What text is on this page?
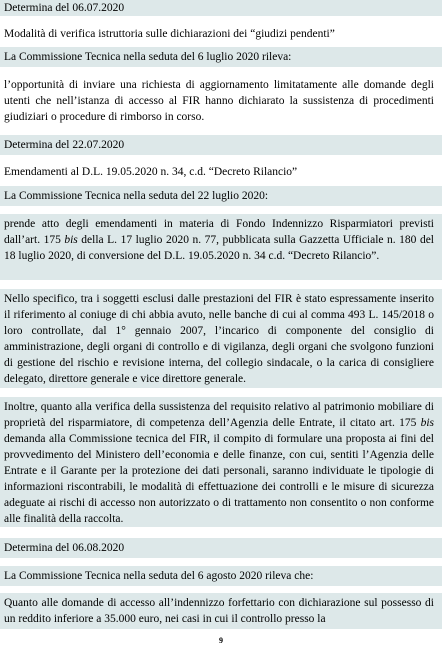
Determina del 06.07.2020

Modalità di verifica istruttoria sulle dichiarazioni dei “giudizi pendenti”

La Commissione Tecnica nella seduta del 6 luglio 2020 rileva:

l’opportunità di inviare una richiesta di aggiornamento limitatamente alle domande degli utenti che nell’istanza di accesso al FIR hanno dichiarato la sussistenza di procedimenti giudiziari o procedure di rimborso in corso.

Determina del 22.07.2020

Emendamenti al D.L. 19.05.2020 n. 34, c.d. “Decreto Rilancio”

La Commissione Tecnica nella seduta del 22 luglio 2020:

prende atto degli emendamenti in materia di Fondo Indennizzo Risparmiatori previsti dall’art. 175 bis della L. 17 luglio 2020 n. 77, pubblicata sulla Gazzetta Ufficiale n. 180 del 18 luglio 2020, di conversione del D.L. 19.05.2020 n. 34 c.d. “Decreto Rilancio”.

Nello specifico, tra i soggetti esclusi dalle prestazioni del FIR è stato espressamente inserito il riferimento al coniuge di chi abbia avuto, nelle banche di cui al comma 493 L. 145/2018 o loro controllate, dal 1° gennaio 2007, l’incarico di componente del consiglio di amministrazione, degli organi di controllo e di vigilanza, degli organi che svolgono funzioni di gestione del rischio e revisione interna, del collegio sindacale, o la carica di consigliere delegato, direttore generale e vice direttore generale.

Inoltre, quanto alla verifica della sussistenza del requisito relativo al patrimonio mobiliare di proprietà del risparmiatore, di competenza dell’Agenzia delle Entrate, il citato art. 175 bis demanda alla Commissione tecnica del FIR, il compito di formulare una proposta ai fini del provvedimento del Ministero dell’economia e delle finanze, con cui, sentiti l’Agenzia delle Entrate e il Garante per la protezione dei dati personali, saranno individuate le tipologie di informazioni riscontrabili, le modalità di effettuazione dei controlli e le misure di sicurezza adeguate ai rischi di accesso non autorizzato o di trattamento non consentito o non conforme alle finalità della raccolta.

Determina del 06.08.2020

La Commissione Tecnica nella seduta del 6 agosto 2020 rileva che:

Quanto alle domande di accesso all’indennizzo forfettario con dichiarazione sul possesso di un reddito inferiore a 35.000 euro, nei casi in cui il controllo presso la

9
